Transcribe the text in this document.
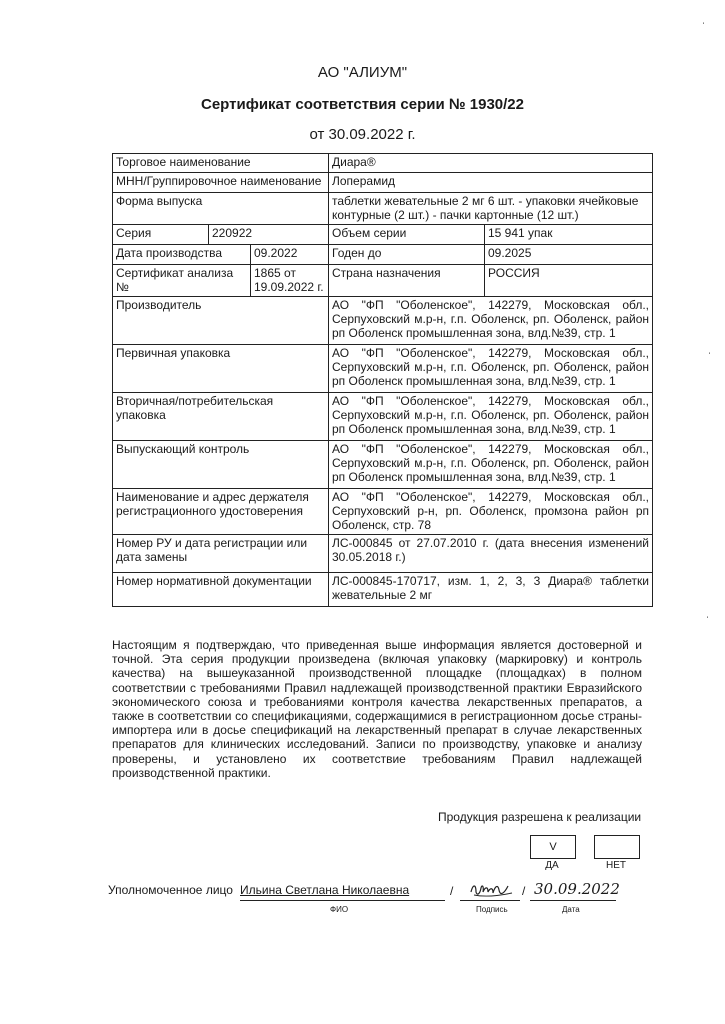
ˈ
ˈ
ˈ
АО "АЛИУМ"
Сертификат соответствия серии № 1930/22
от 30.09.2022 г.
Торговое наименование			Диара®	
МНН/Группировочное наименование			Лоперамид	
Форма выпуска			таблетки жевательные 2 мг 6 шт. - упаковки ячейковые контурные (2 шт.) - пачки картонные (12 шт.)	
Серия	220922		Объем серии	15 941 упак
Дата производства		09.2022	Годен до	09.2025
Сертификат анализа №		1865 от 19.09.2022 г.	Страна назначения	РОССИЯ
Производитель			АО "ФП "Оболенское", 142279, Московская обл., Серпуховский м.р-н, г.п. Оболенск, рп. Оболенск, район рп Оболенск промышленная зона, влд.№39, стр. 1	
Первичная упаковка			АО "ФП "Оболенское", 142279, Московская обл., Серпуховский м.р-н, г.п. Оболенск, рп. Оболенск, район рп Оболенск промышленная зона, влд.№39, стр. 1	
Вторичная/потребительская упаковка			АО "ФП "Оболенское", 142279, Московская обл., Серпуховский м.р-н, г.п. Оболенск, рп. Оболенск, район рп Оболенск промышленная зона, влд.№39, стр. 1	
Выпускающий контроль			АО "ФП "Оболенское", 142279, Московская обл., Серпуховский м.р-н, г.п. Оболенск, рп. Оболенск, район рп Оболенск промышленная зона, влд.№39, стр. 1	
Наименование и адрес держателя регистрационного удостоверения			АО "ФП "Оболенское", 142279, Московская обл., Серпуховский р-н, рп. Оболенск, промзона район рп Оболенск, стр. 78	
Номер РУ и дата регистрации или дата замены			ЛС-000845 от 27.07.2010 г. (дата внесения изменений 30.05.2018 г.)	
Номер нормативной документации			ЛС-000845-170717, изм. 1, 2, 3, 3 Диара® таблетки жевательные 2 мг	
Настоящим я подтверждаю, что приведенная выше информация является достоверной и точной. Эта серия продукции произведена (включая упаковку (маркировку) и контроль качества) на вышеуказанной производственной площадке (площадках) в полном соответствии с требованиями Правил надлежащей производственной практики Евразийского экономического союза и требованиями контроля качества лекарственных препаратов, а также в соответствии со спецификациями, содержащимися в регистрационном досье страны-импортера или в досье спецификаций на лекарственный препарат в случае лекарственных препаратов для клинических исследований. Записи по производству, упаковке и анализу проверены, и установлено их соответствие требованиям Правил надлежащей производственной практики.
Продукция разрешена к реализации
V
ДА	НЕТ
Уполномоченное лицо Ильина Светлана Николаевна	/	/
ФИО	Подпись	Дата
30.09.2022
